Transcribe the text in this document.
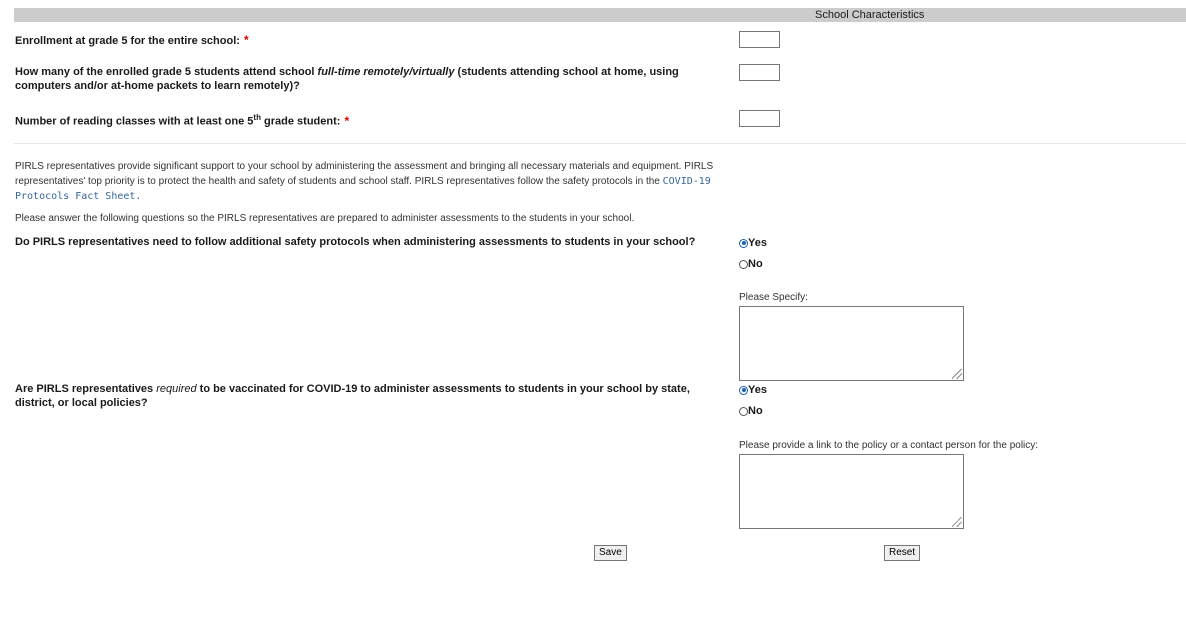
School Characteristics
Enrollment at grade 5 for the entire school: *
How many of the enrolled grade 5 students attend school full-time remotely/virtually (students attending school at home, using computers and/or at-home packets to learn remotely)?
Number of reading classes with at least one 5th grade student: *
PIRLS representatives provide significant support to your school by administering the assessment and bringing all necessary materials and equipment. PIRLS representatives' top priority is to protect the health and safety of students and school staff. PIRLS representatives follow the safety protocols in the COVID-19 Protocols Fact Sheet.
Please answer the following questions so the PIRLS representatives are prepared to administer assessments to the students in your school.
Do PIRLS representatives need to follow additional safety protocols when administering assessments to students in your school?	Yes
No
Please Specify:
Are PIRLS representatives required to be vaccinated for COVID-19 to administer assessments to students in your school by state, district, or local policies?
Yes
No
Please provide a link to the policy or a contact person for the policy:
Save	Reset
